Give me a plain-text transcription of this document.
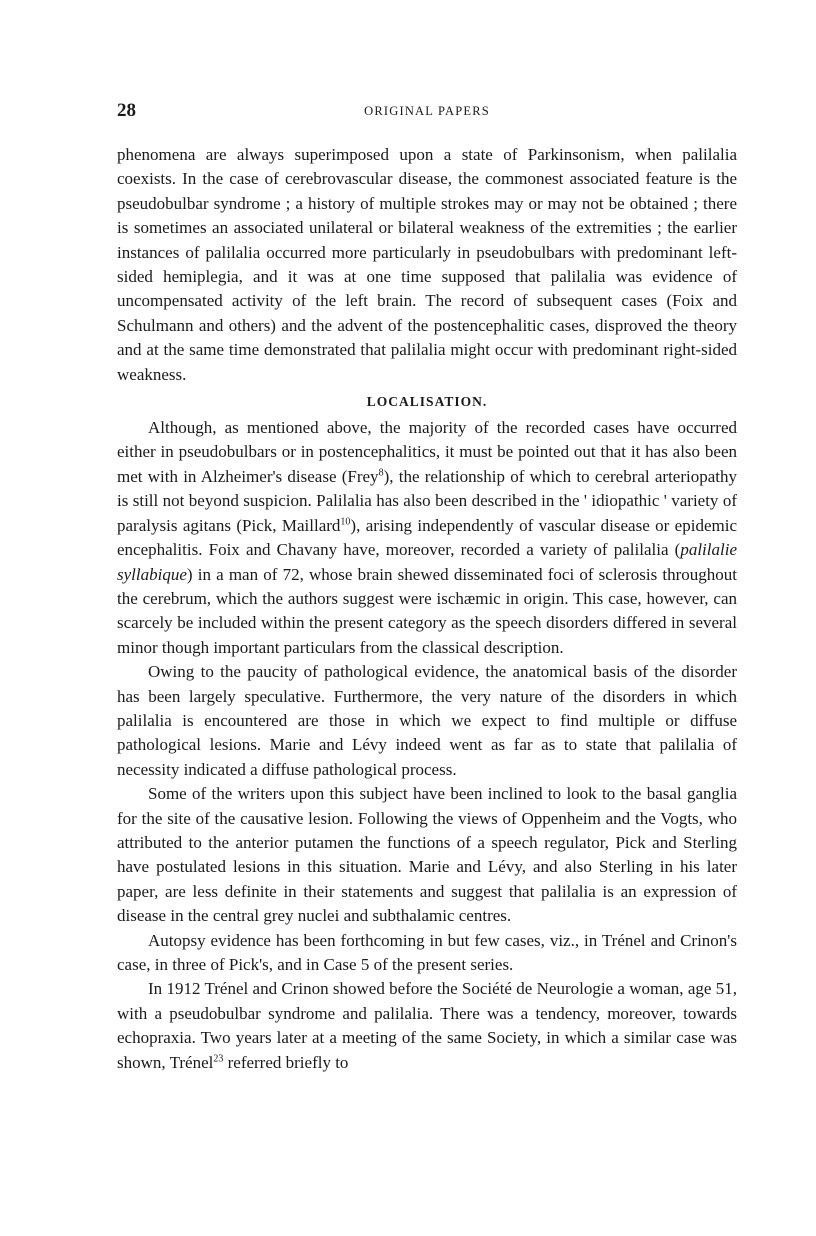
28	ORIGINAL PAPERS

phenomena are always superimposed upon a state of Parkinsonism, when palilalia coexists. In the case of cerebrovascular disease, the commonest associated feature is the pseudobulbar syndrome ; a history of multiple strokes may or may not be obtained ; there is sometimes an associated unilateral or bilateral weakness of the extremities ; the earlier instances of palilalia occurred more particularly in pseudobulbars with predominant left-sided hemiplegia, and it was at one time supposed that palilalia was evidence of uncompensated activity of the left brain. The record of subsequent cases (Foix and Schulmann and others) and the advent of the postencephalitic cases, disproved the theory and at the same time demonstrated that palilalia might occur with predominant right-sided weakness.

LOCALISATION.

Although, as mentioned above, the majority of the recorded cases have occurred either in pseudobulbars or in postencephalitics, it must be pointed out that it has also been met with in Alzheimer's disease (Frey$^8$), the relationship of which to cerebral arteriopathy is still not beyond suspicion. Palilalia has also been described in the ' idiopathic ' variety of paralysis agitans (Pick, Maillard$^{10}$), arising independently of vascular disease or epidemic encephalitis. Foix and Chavany have, moreover, recorded a variety of palilalia (palilalie syllabique) in a man of 72, whose brain shewed disseminated foci of sclerosis throughout the cerebrum, which the authors suggest were ischæmic in origin. This case, however, can scarcely be included within the present category as the speech disorders differed in several minor though important particulars from the classical description.

Owing to the paucity of pathological evidence, the anatomical basis of the disorder has been largely speculative. Furthermore, the very nature of the disorders in which palilalia is encountered are those in which we expect to find multiple or diffuse pathological lesions. Marie and Lévy indeed went as far as to state that palilalia of necessity indicated a diffuse pathological process.

Some of the writers upon this subject have been inclined to look to the basal ganglia for the site of the causative lesion. Following the views of Oppenheim and the Vogts, who attributed to the anterior putamen the functions of a speech regulator, Pick and Sterling have postulated lesions in this situation. Marie and Lévy, and also Sterling in his later paper, are less definite in their statements and suggest that palilalia is an expression of disease in the central grey nuclei and subthalamic centres.

Autopsy evidence has been forthcoming in but few cases, viz., in Trénel and Crinon's case, in three of Pick's, and in Case 5 of the present series.

In 1912 Trénel and Crinon showed before the Société de Neurologie a woman, age 51, with a pseudobulbar syndrome and palilalia. There was a tendency, moreover, towards echopraxia. Two years later at a meeting of the same Society, in which a similar case was shown, Trénel$^{23}$ referred briefly to
